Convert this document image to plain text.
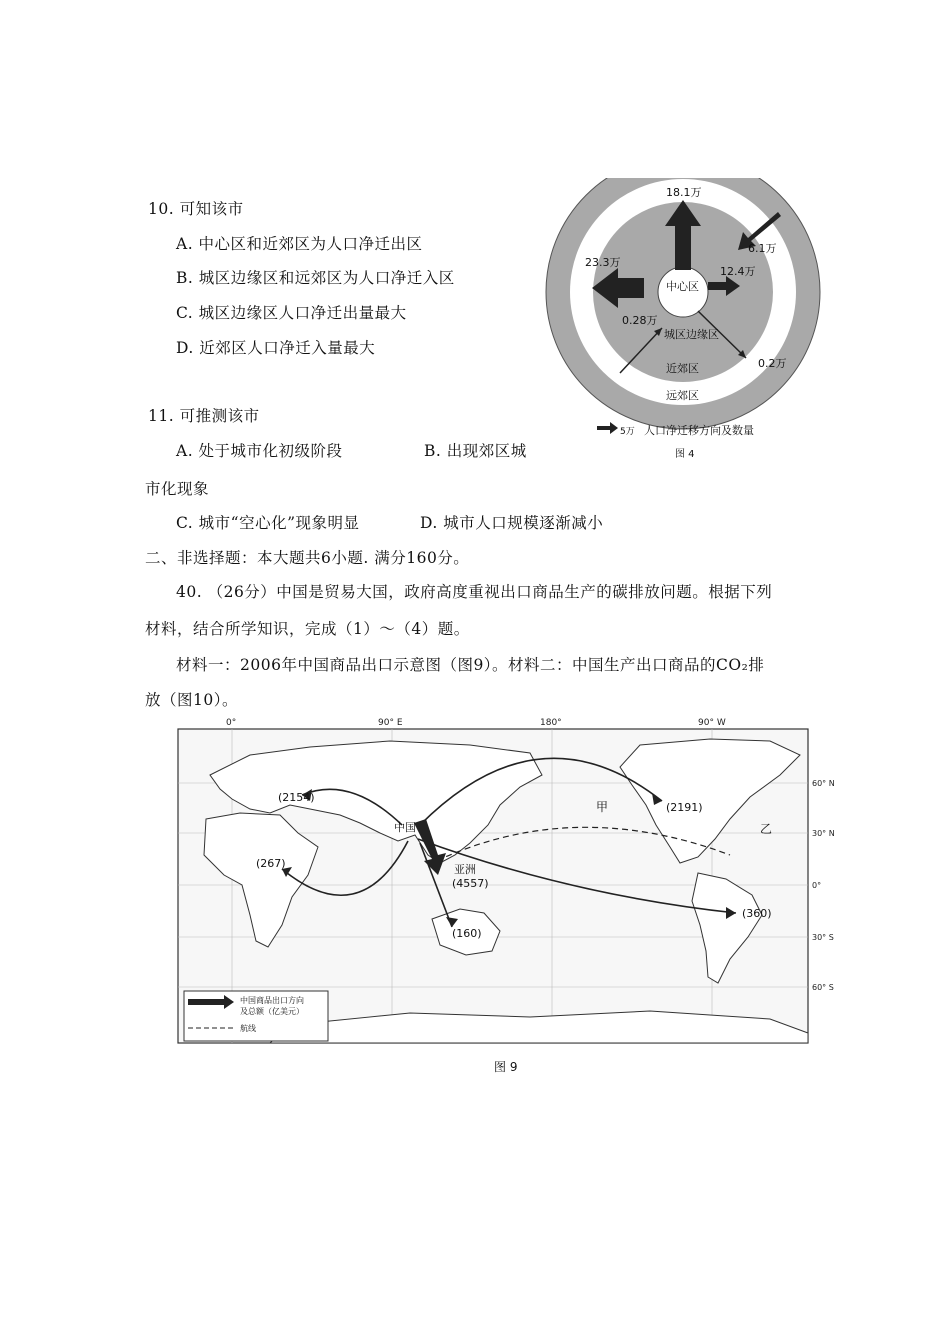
10. 可知该市
A. 中心区和近郊区为人口净迁出区
B. 城区边缘区和远郊区为人口净迁入区
C. 城区边缘区人口净迁出量最大
D. 近郊区人口净迁入量最大
11. 可推测该市
A. 处于城市化初级阶段	B. 出现郊区城
市化现象
C. 城市“空心化”现象明显	D. 城市人口规模逐渐减小
二、非选择题：本大题共6小题. 满分160分。
40. （26分）中国是贸易大国，政府高度重视出口商品生产的碳排放问题。根据下列
材料，结合所学知识，完成（1）～（4）题。
材料一：2006年中国商品出口示意图（图9）。材料二：中国生产出口商品的CO₂排
放（图10）。
18.1万
6.1万
23.3万
12.4万
0.28万
0.2万
中心区
城区边缘区
近郊区
远郊区
5万 人口净迁移方向及数量
图 4
0°	90° E	180°	90° W
60° N
30° N
0°
30° S
60° S
中国
亚洲
(2154)
(267)
(4557)
(160)
(2191)
(360)
甲
乙
中国商品出口方向
及总额（亿美元）
航线
图 9
